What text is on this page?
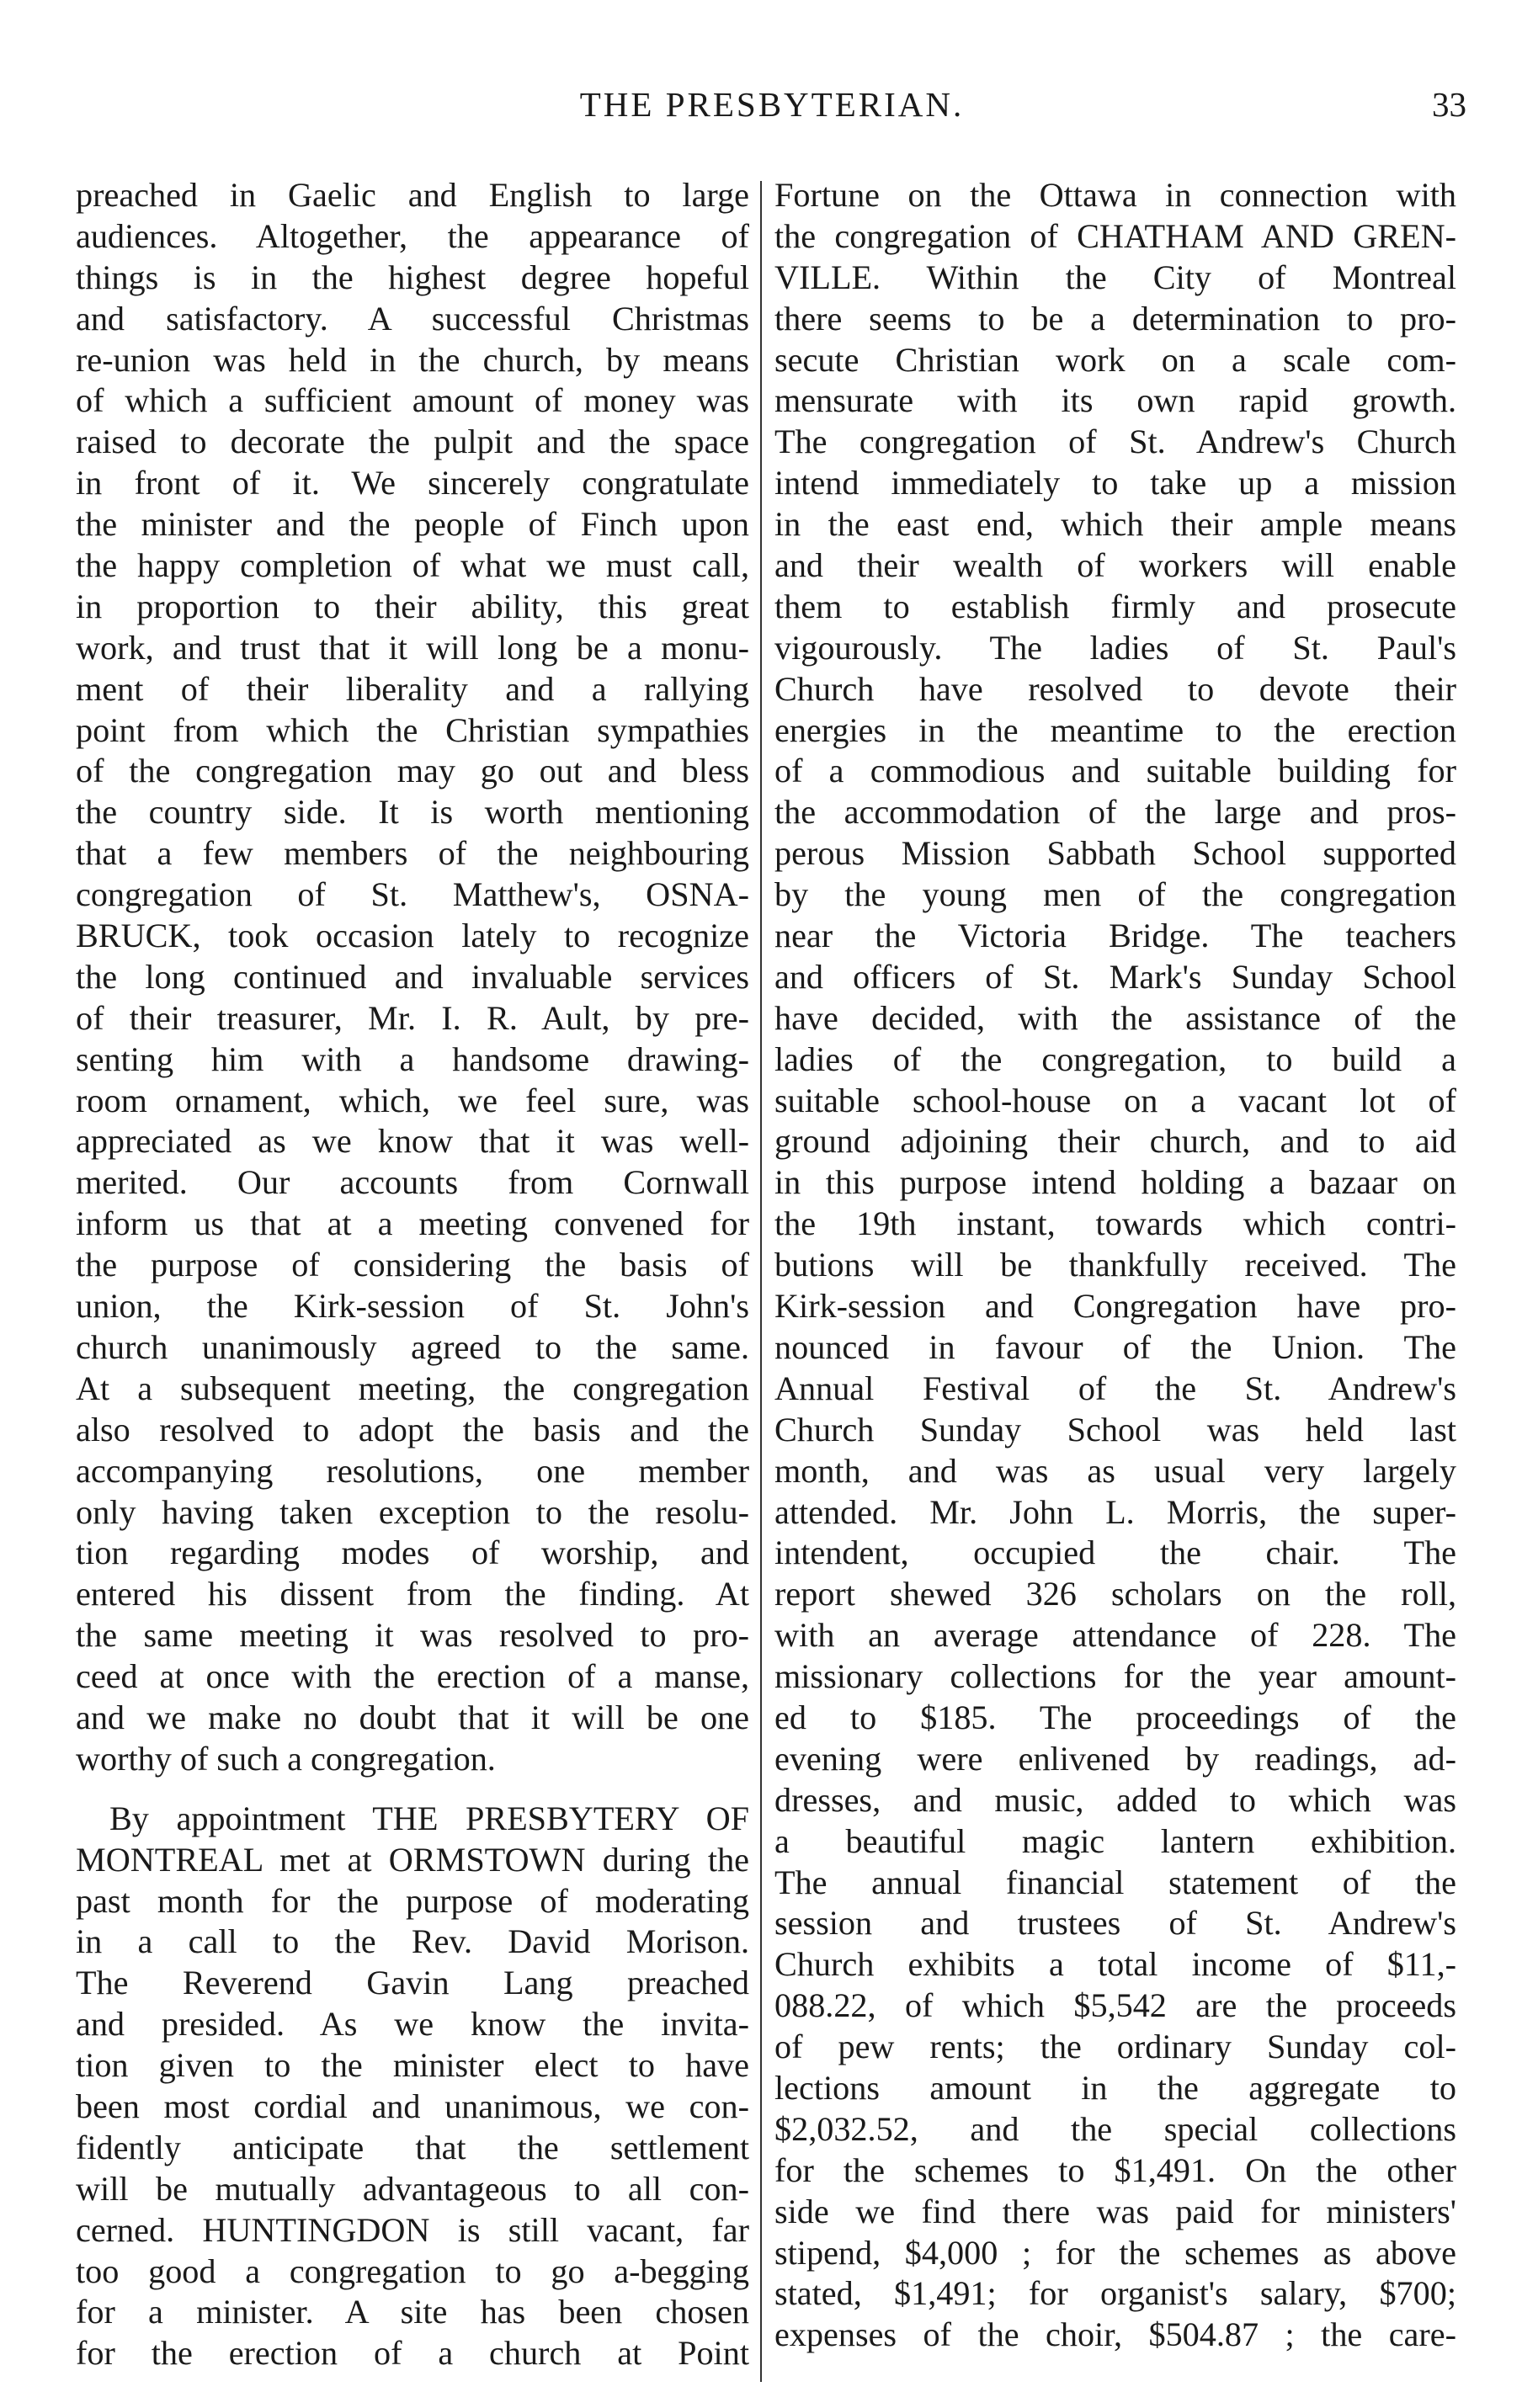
THE PRESBYTERIAN.	33
preached in Gaelic and English to large
audiences. Altogether, the appearance of
things is in the highest degree hopeful
and satisfactory. A successful Christmas
re-union was held in the church, by means
of which a sufficient amount of money was
raised to decorate the pulpit and the space
in front of it. We sincerely congratulate
the minister and the people of Finch upon
the happy completion of what we must call,
in proportion to their ability, this great
work, and trust that it will long be a monu-
ment of their liberality and a rallying
point from which the Christian sympathies
of the congregation may go out and bless
the country side. It is worth mentioning
that a few members of the neighbouring
congregation of St. Matthew's, OSNA-
BRUCK, took occasion lately to recognize
the long continued and invaluable services
of their treasurer, Mr. I. R. Ault, by pre-
senting him with a handsome drawing-
room ornament, which, we feel sure, was
appreciated as we know that it was well-
merited. Our accounts from Cornwall
inform us that at a meeting convened for
the purpose of considering the basis of
union, the Kirk-session of St. John's
church unanimously agreed to the same.
At a subsequent meeting, the congregation
also resolved to adopt the basis and the
accompanying resolutions, one member
only having taken exception to the resolu-
tion regarding modes of worship, and
entered his dissent from the finding. At
the same meeting it was resolved to pro-
ceed at once with the erection of a manse,
and we make no doubt that it will be one
worthy of such a congregation.
By appointment THE PRESBYTERY OF
MONTREAL met at ORMSTOWN during the
past month for the purpose of moderating
in a call to the Rev. David Morison.
The Reverend Gavin Lang preached
and presided. As we know the invita-
tion given to the minister elect to have
been most cordial and unanimous, we con-
fidently anticipate that the settlement
will be mutually advantageous to all con-
cerned. HUNTINGDON is still vacant, far
too good a congregation to go a-begging
for a minister. A site has been chosen
for the erection of a church at Point
Fortune on the Ottawa in connection with
the congregation of CHATHAM AND GREN-
VILLE. Within the City of Montreal
there seems to be a determination to pro-
secute Christian work on a scale com-
mensurate with its own rapid growth.
The congregation of St. Andrew's Church
intend immediately to take up a mission
in the east end, which their ample means
and their wealth of workers will enable
them to establish firmly and prosecute
vigourously. The ladies of St. Paul's
Church have resolved to devote their
energies in the meantime to the erection
of a commodious and suitable building for
the accommodation of the large and pros-
perous Mission Sabbath School supported
by the young men of the congregation
near the Victoria Bridge. The teachers
and officers of St. Mark's Sunday School
have decided, with the assistance of the
ladies of the congregation, to build a
suitable school-house on a vacant lot of
ground adjoining their church, and to aid
in this purpose intend holding a bazaar on
the 19th instant, towards which contri-
butions will be thankfully received. The
Kirk-session and Congregation have pro-
nounced in favour of the Union. The
Annual Festival of the St. Andrew's
Church Sunday School was held last
month, and was as usual very largely
attended. Mr. John L. Morris, the super-
intendent, occupied the chair. The
report shewed 326 scholars on the roll,
with an average attendance of 228. The
missionary collections for the year amount-
ed to $185. The proceedings of the
evening were enlivened by readings, ad-
dresses, and music, added to which was
a beautiful magic lantern exhibition.
The annual financial statement of the
session and trustees of St. Andrew's
Church exhibits a total income of $11,-
088.22, of which $5,542 are the proceeds
of pew rents; the ordinary Sunday col-
lections amount in the aggregate to
$2,032.52, and the special collections
for the schemes to $1,491. On the other
side we find there was paid for ministers'
stipend, $4,000 ; for the schemes as above
stated, $1,491; for organist's salary, $700;
expenses of the choir, $504.87 ; the care-
